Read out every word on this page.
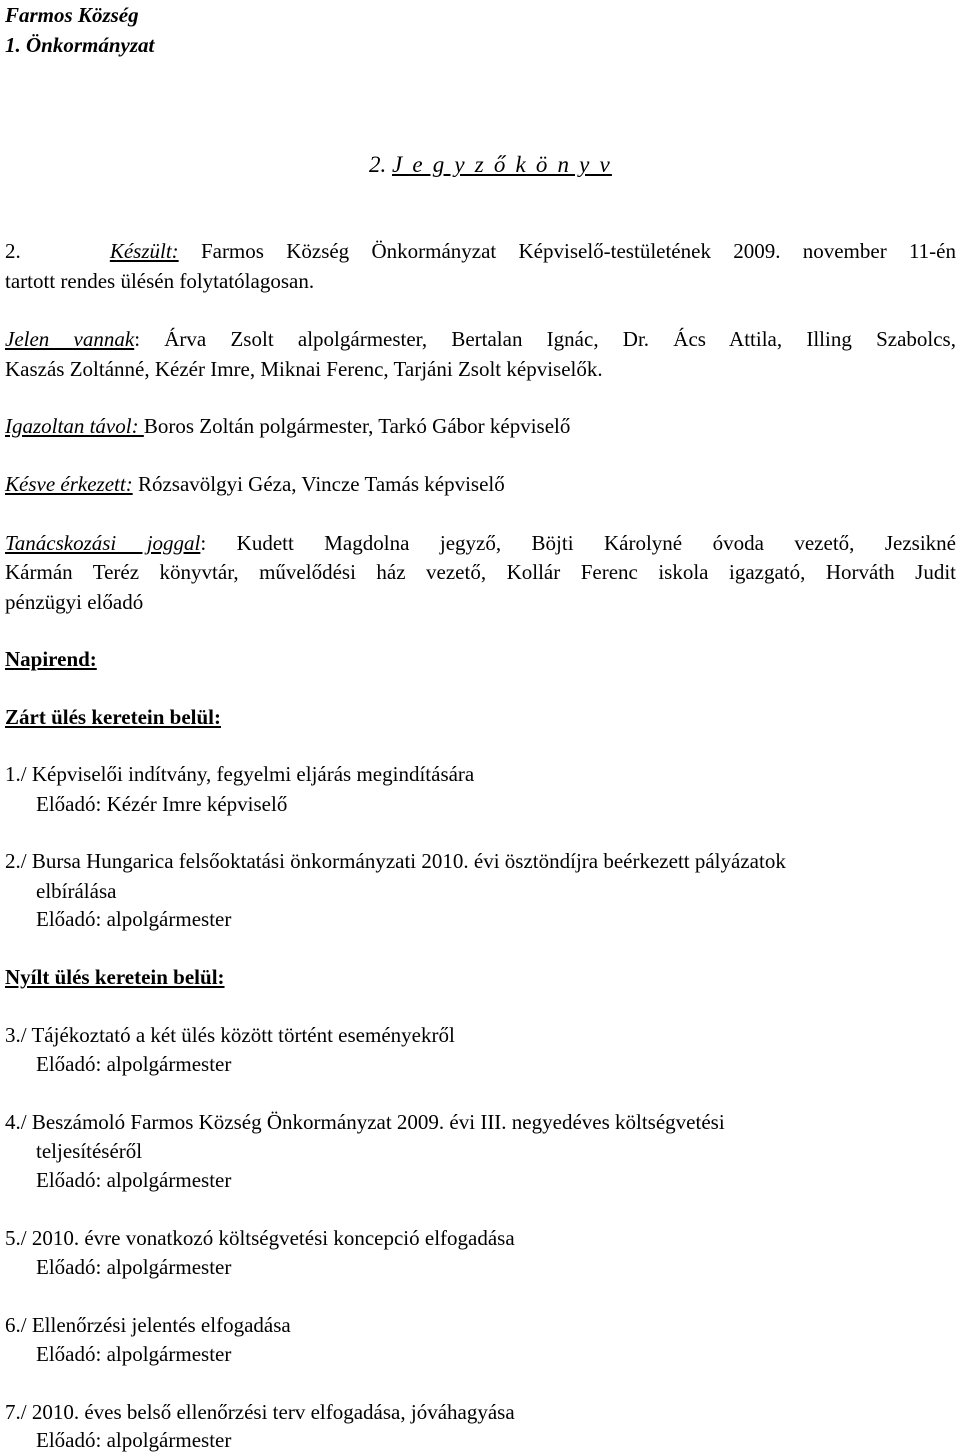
Farmos Község
1. Önkormányzat
2. J e g y z ő k ö n y v
2.	Készült: Farmos Község Önkormányzat Képviselő-testületének 2009. november 11-én
tartott rendes ülésén folytatólagosan.
Jelen vannak: Árva Zsolt alpolgármester, Bertalan Ignác, Dr. Ács Attila, Illing Szabolcs,
Kaszás Zoltánné, Kézér Imre, Miknai Ferenc, Tarjáni Zsolt képviselők.
Igazoltan távol: Boros Zoltán polgármester, Tarkó Gábor képviselő
Késve érkezett: Rózsavölgyi Géza, Vincze Tamás képviselő
Tanácskozási joggal: Kudett Magdolna jegyző, Böjti Károlyné óvoda vezető, Jezsikné
Kármán Teréz könyvtár, művelődési ház vezető, Kollár Ferenc iskola igazgató, Horváth Judit
pénzügyi előadó
Napirend:
Zárt ülés keretein belül:
1./ Képviselői indítvány, fegyelmi eljárás megindítására
Előadó: Kézér Imre képviselő
2./ Bursa Hungarica felsőoktatási önkormányzati 2010. évi ösztöndíjra beérkezett pályázatok
elbírálása
Előadó: alpolgármester
Nyílt ülés keretein belül:
3./ Tájékoztató a két ülés között történt eseményekről
Előadó: alpolgármester
4./ Beszámoló Farmos Község Önkormányzat 2009. évi III. negyedéves költségvetési
teljesítéséről
Előadó: alpolgármester
5./ 2010. évre vonatkozó költségvetési koncepció elfogadása
Előadó: alpolgármester
6./ Ellenőrzési jelentés elfogadása
Előadó: alpolgármester
7./ 2010. éves belső ellenőrzési terv elfogadása, jóváhagyása
Előadó: alpolgármester
